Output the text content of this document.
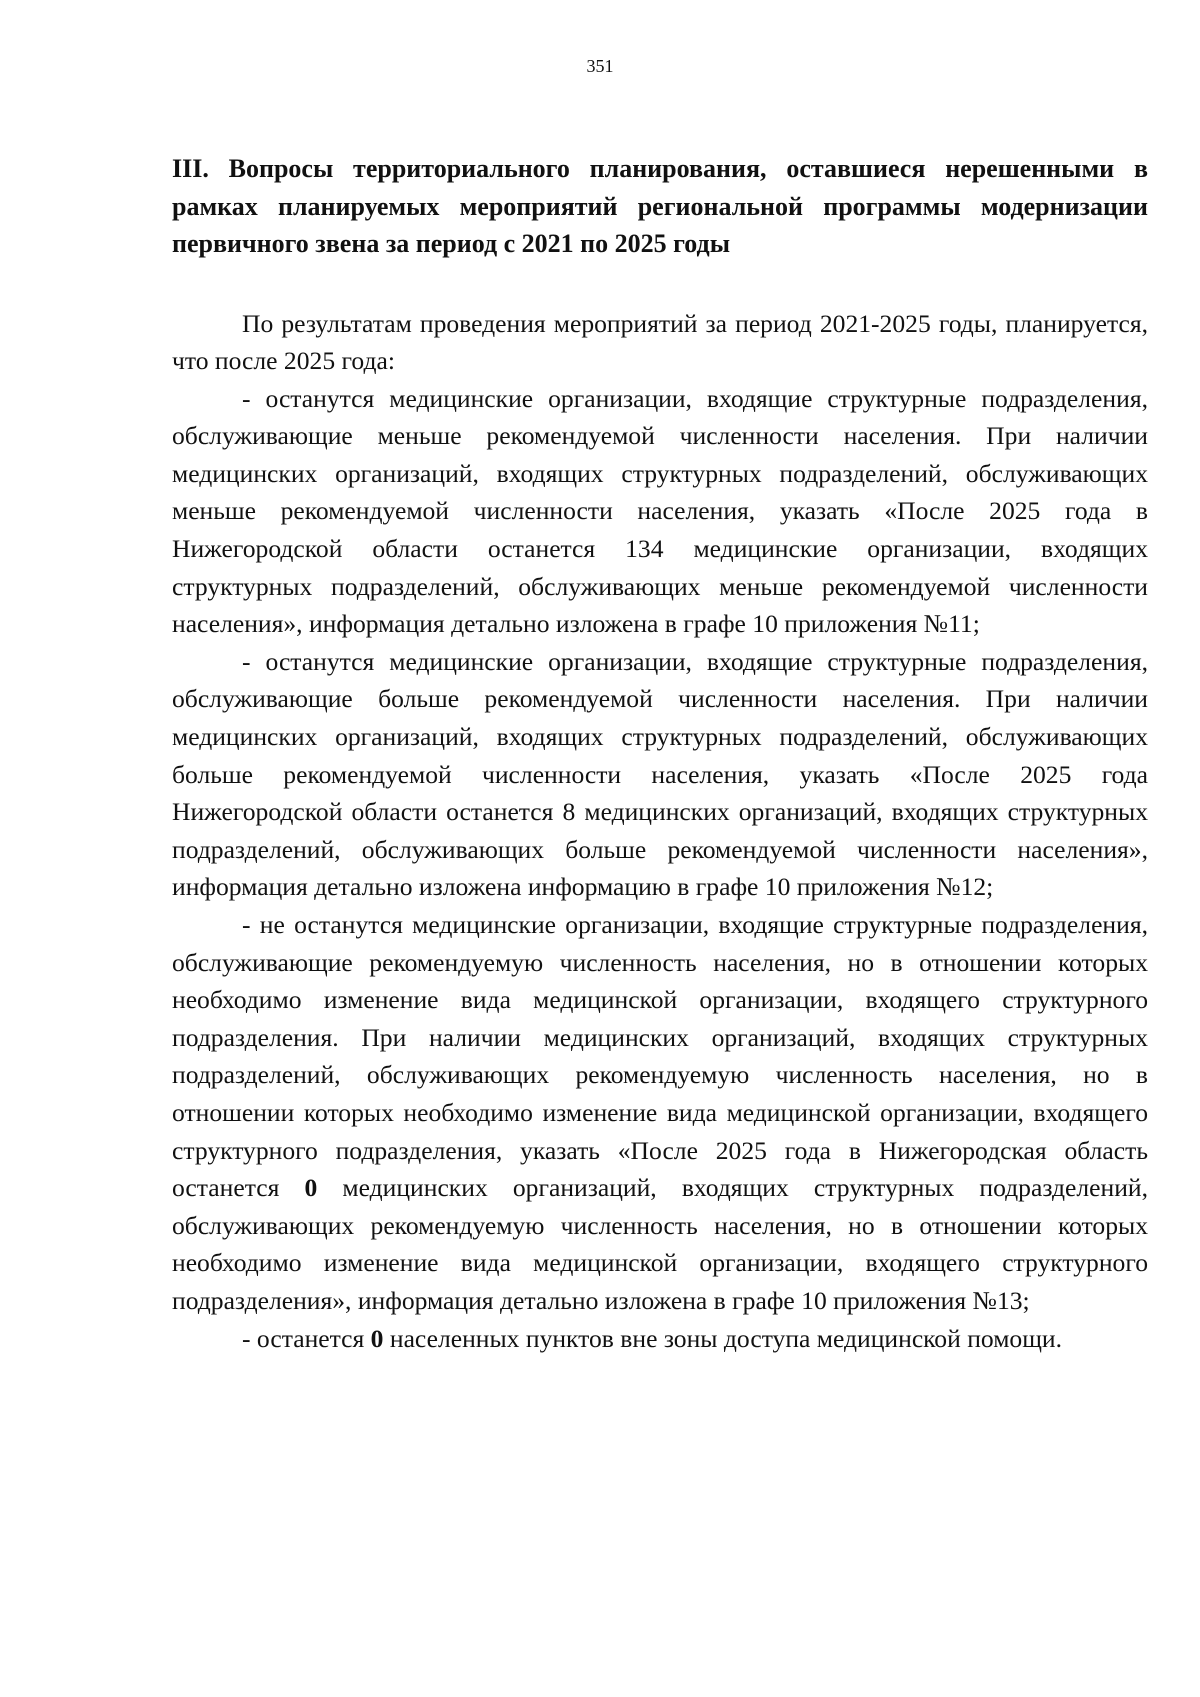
351
III. Вопросы территориального планирования, оставшиеся нерешенными в рамках планируемых мероприятий региональной программы модернизации первичного звена за период с 2021 по 2025 годы

По результатам проведения мероприятий за период 2021-2025 годы, планируется, что после 2025 года:

- останутся медицинские организации, входящие структурные подразделения, обслуживающие меньше рекомендуемой численности населения. При наличии медицинских организаций, входящих структурных подразделений, обслуживающих меньше рекомендуемой численности населения, указать «После 2025 года в Нижегородской области останется 134 медицинские организации, входящих структурных подразделений, обслуживающих меньше рекомендуемой численности населения», информация детально изложена в графе 10 приложения №11;

- останутся медицинские организации, входящие структурные подразделения, обслуживающие больше рекомендуемой численности населения. При наличии медицинских организаций, входящих структурных подразделений, обслуживающих больше рекомендуемой численности населения, указать «После 2025 года Нижегородской области останется 8 медицинских организаций, входящих структурных подразделений, обслуживающих больше рекомендуемой численности населения», информация детально изложена информацию в графе 10 приложения №12;

- не останутся медицинские организации, входящие структурные подразделения, обслуживающие рекомендуемую численность населения, но в отношении которых необходимо изменение вида медицинской организации, входящего структурного подразделения. При наличии медицинских организаций, входящих структурных подразделений, обслуживающих рекомендуемую численность населения, но в отношении которых необходимо изменение вида медицинской организации, входящего структурного подразделения, указать «После 2025 года в Нижегородская область останется 0 медицинских организаций, входящих структурных подразделений, обслуживающих рекомендуемую численность населения, но в отношении которых необходимо изменение вида медицинской организации, входящего структурного подразделения», информация детально изложена в графе 10 приложения №13;

- останется 0 населенных пунктов вне зоны доступа медицинской помощи.
